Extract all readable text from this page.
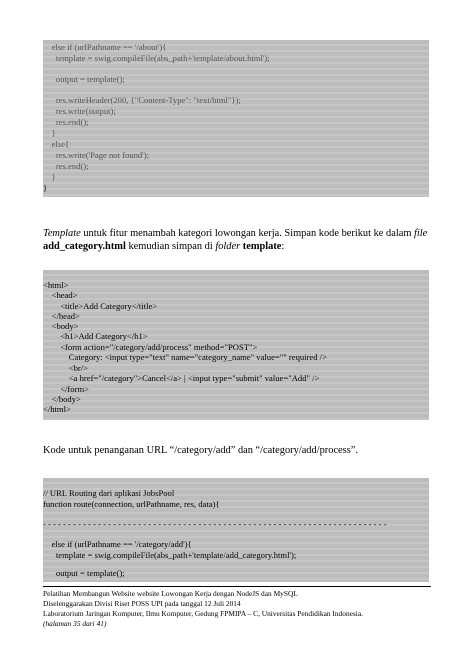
else if (urlPathname == '/about'){
template = swig.compileFile(abs_path+'template/about.html');
output = template();
res.writeHeader(200, {"Content-Type": "text/html"});
res.write(output);
res.end();
}
else{
res.write('Page not found');
res.end();
}
}
Template untuk fitur menambah kategori lowongan kerja. Simpan kode berikut ke dalam file
add_category.html kemudian simpan di folder template:
<html>
<head>
<title>Add Category</title>
</head>
<body>
<h1>Add Category</h1>
<form action="/category/add/process" method="POST">
Category: <input type="text" name="category_name" value="" required />
<br/>
<a href="/category">Cancel</a> | <input type="submit" value="Add" />
</form>
</body>
</html>
Kode untuk penanganan URL “/category/add” dan “/category/add/process”.
// URL Routing dari aplikasi JobsPool
function route(connection, urlPathname, res, data){
- - - - - - - - - - - - - - - - - - - - - - - - - - - - - - - - - - - - - - - - - - - - - - - - - - - - - - - - - - - - - - - - - - - - -
else if (urlPathname == '/category/add'){
template = swig.compileFile(abs_path+'template/add_category.html');
output = template();
Pelatihan Membangun Website website Lowongan Kerja dengan NodeJS dan MySQL
Diselenggarakan Divisi Riset POSS UPI pada tanggal 12 Juli 2014
Laboratorium Jaringan Komputer, Ilmu Komputer, Gedung FPMIPA – C, Universitas Pendidikan Indonesia.
(halaman 35 dari 41)
